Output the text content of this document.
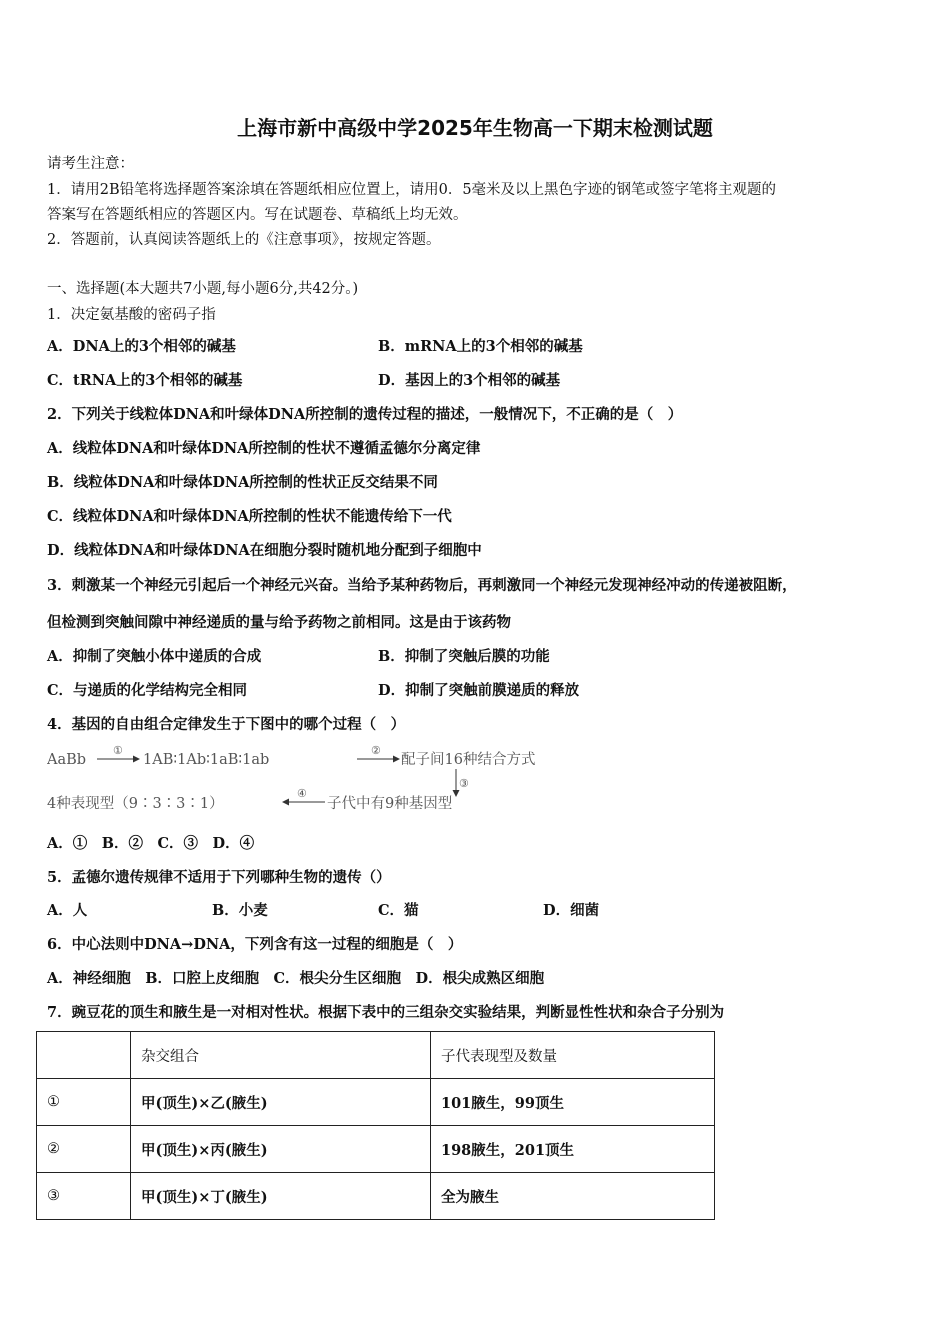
上海市新中高级中学2025年生物高一下期末检测试题
请考生注意：
1．请用2B铅笔将选择题答案涂填在答题纸相应位置上，请用0．5毫米及以上黑色字迹的钢笔或签字笔将主观题的
答案写在答题纸相应的答题区内。写在试题卷、草稿纸上均无效。
2．答题前，认真阅读答题纸上的《注意事项》，按规定答题。
一、选择题(本大题共7小题,每小题6分,共42分。)
1．决定氨基酸的密码子指
A．DNA上的3个相邻的碱基	B．mRNA上的3个相邻的碱基
C．tRNA上的3个相邻的碱基	D．基因上的3个相邻的碱基
2．下列关于线粒体DNA和叶绿体DNA所控制的遗传过程的描述，一般情况下，不正确的是（　）
A．线粒体DNA和叶绿体DNA所控制的性状不遵循孟德尔分离定律
B．线粒体DNA和叶绿体DNA所控制的性状正反交结果不同
C．线粒体DNA和叶绿体DNA所控制的性状不能遗传给下一代
D．线粒体DNA和叶绿体DNA在细胞分裂时随机地分配到子细胞中
3．刺激某一个神经元引起后一个神经元兴奋。当给予某种药物后，再刺激同一个神经元发现神经冲动的传递被阻断，
但检测到突触间隙中神经递质的量与给予药物之前相同。这是由于该药物
A．抑制了突触小体中递质的合成	B．抑制了突触后膜的功能
C．与递质的化学结构完全相同	D．抑制了突触前膜递质的释放
4．基因的自由组合定律发生于下图中的哪个过程（　）
AaBb
①
1AB∶1Ab∶1aB∶1ab
②
配子间16种结合方式
③
4种表现型（9∶3∶3∶1）
④
子代中有9种基因型
A．①　B．②　C．③　D．④
5．孟德尔遗传规律不适用于下列哪种生物的遗传（）
A．人	B．小麦	C．猫	D．细菌
6．中心法则中DNA→DNA，下列含有这一过程的细胞是（　）
A．神经细胞　B．口腔上皮细胞　C．根尖分生区细胞　D．根尖成熟区细胞
7．豌豆花的顶生和腋生是一对相对性状。根据下表中的三组杂交实验结果，判断显性性状和杂合子分别为
	杂交组合	子代表现型及数量
①	甲(顶生)×乙(腋生)	101腋生，99顶生
②	甲(顶生)×丙(腋生)	198腋生，201顶生
③	甲(顶生)×丁(腋生)	全为腋生
